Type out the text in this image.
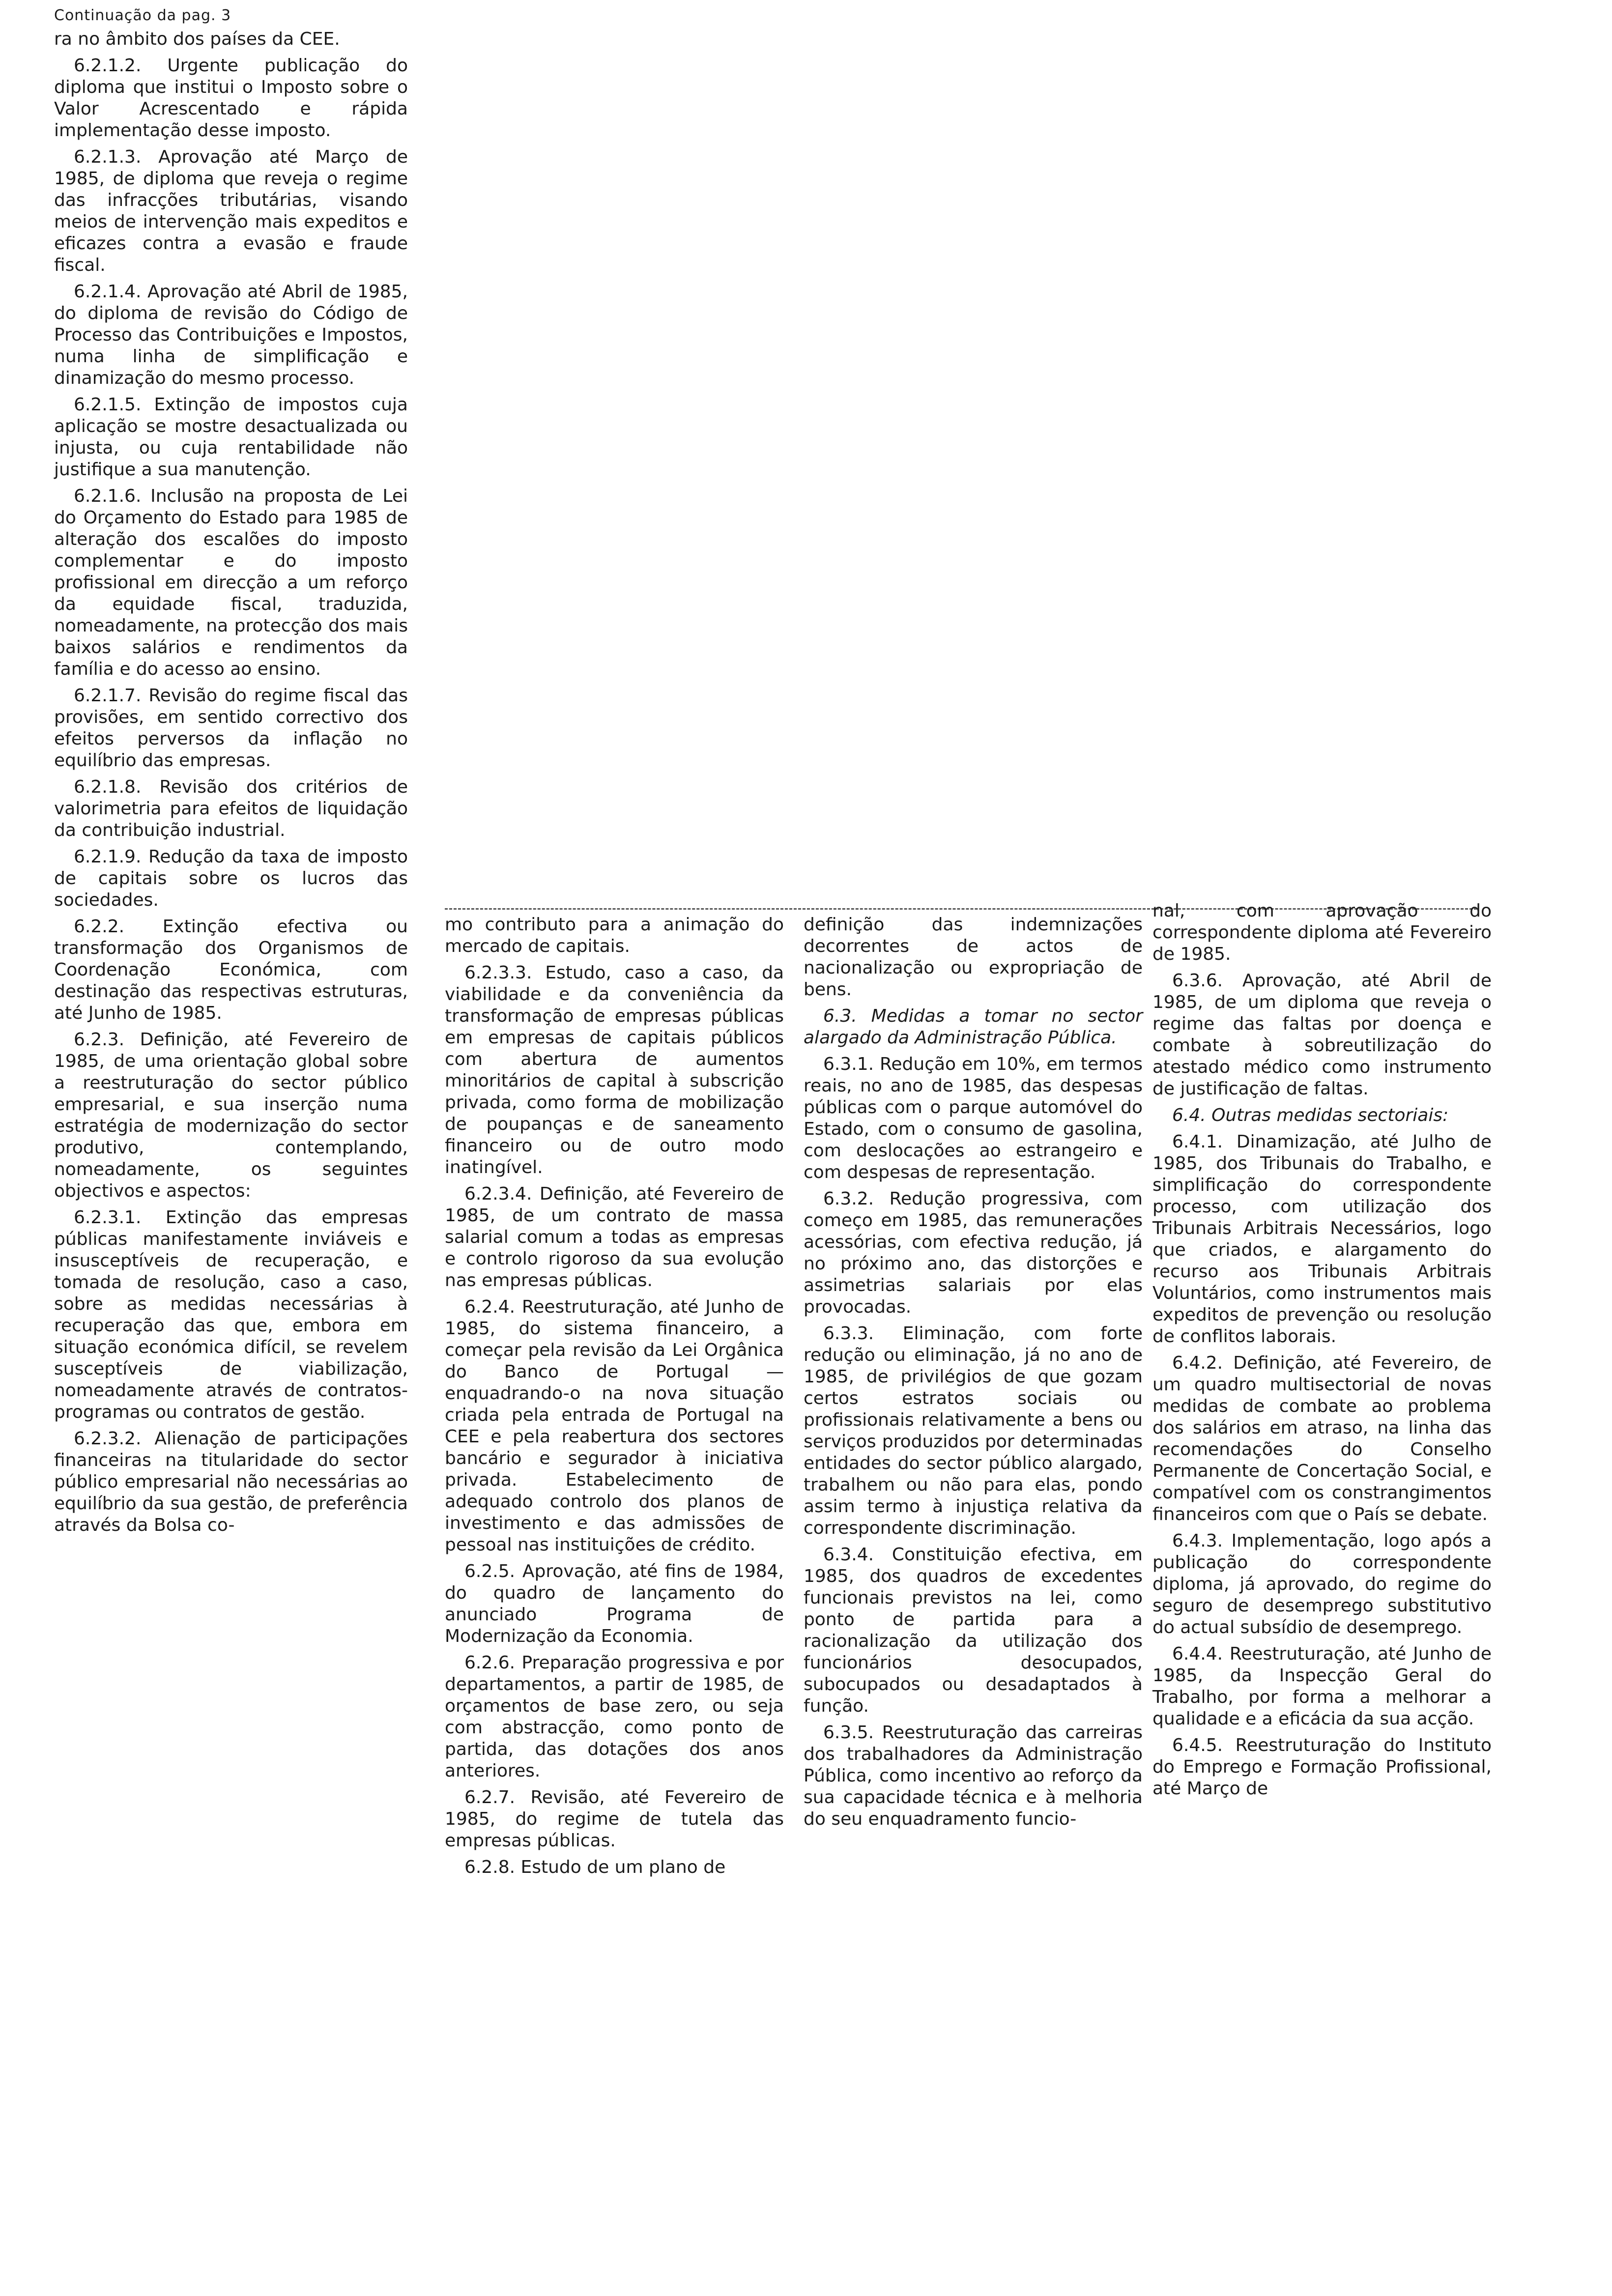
Continuação da pag. 3

ra no âmbito dos países da CEE.

6.2.1.2. Urgente publicação do diploma que institui o Imposto sobre o Valor Acrescentado e rápida implementação desse imposto.

6.2.1.3. Aprovação até Março de 1985, de diploma que reveja o regime das infracções tributárias, visando meios de intervenção mais expeditos e eficazes contra a evasão e fraude fiscal.

6.2.1.4. Aprovação até Abril de 1985, do diploma de revisão do Código de Processo das Contribuições e Impostos, numa linha de simplificação e dinamização do mesmo processo.

6.2.1.5. Extinção de impostos cuja aplicação se mostre desactualizada ou injusta, ou cuja rentabilidade não justifique a sua manutenção.

6.2.1.6. Inclusão na proposta de Lei do Orçamento do Estado para 1985 de alteração dos escalões do imposto complementar e do imposto profissional em direcção a um reforço da equidade fiscal, traduzida, nomeadamente, na protecção dos mais baixos salários e rendimentos da família e do acesso ao ensino.

6.2.1.7. Revisão do regime fiscal das provisões, em sentido correctivo dos efeitos perversos da inflação no equilíbrio das empresas.

6.2.1.8. Revisão dos critérios de valorimetria para efeitos de liquidação da contribuição industrial.

6.2.1.9. Redução da taxa de imposto de capitais sobre os lucros das sociedades.

6.2.2. Extinção efectiva ou transformação dos Organismos de Coordenação Económica, com destinação das respectivas estruturas, até Junho de 1985.

6.2.3. Definição, até Fevereiro de 1985, de uma orientação global sobre a reestruturação do sector público empresarial, e sua inserção numa estratégia de modernização do sector produtivo, contemplando, nomeadamente, os seguintes objectivos e aspectos:

6.2.3.1. Extinção das empresas públicas manifestamente inviáveis e insusceptíveis de recuperação, e tomada de resolução, caso a caso, sobre as medidas necessárias à recuperação das que, embora em situação económica difícil, se revelem susceptíveis de viabilização, nomeadamente através de contratos-programas ou contratos de gestão.

6.2.3.2. Alienação de participações financeiras na titularidade do sector público empresarial não necessárias ao equilíbrio da sua gestão, de preferência através da Bolsa co-

mo contributo para a animação do mercado de capitais.

6.2.3.3. Estudo, caso a caso, da viabilidade e da conveniência da transformação de empresas públicas em empresas de capitais públicos com abertura de aumentos minoritários de capital à subscrição privada, como forma de mobilização de poupanças e de saneamento financeiro ou de outro modo inatingível.

6.2.3.4. Definição, até Fevereiro de 1985, de um contrato de massa salarial comum a todas as empresas e controlo rigoroso da sua evolução nas empresas públicas.

6.2.4. Reestruturação, até Junho de 1985, do sistema financeiro, a começar pela revisão da Lei Orgânica do Banco de Portugal — enquadrando-o na nova situação criada pela entrada de Portugal na CEE e pela reabertura dos sectores bancário e segurador à iniciativa privada. Estabelecimento de adequado controlo dos planos de investimento e das admissões de pessoal nas instituições de crédito.

6.2.5. Aprovação, até fins de 1984, do quadro de lançamento do anunciado Programa de Modernização da Economia.

6.2.6. Preparação progressiva e por departamentos, a partir de 1985, de orçamentos de base zero, ou seja com abstracção, como ponto de partida, das dotações dos anos anteriores.

6.2.7. Revisão, até Fevereiro de 1985, do regime de tutela das empresas públicas.

6.2.8. Estudo de um plano de

definição das indemnizações decorrentes de actos de nacionalização ou expropriação de bens.

6.3. Medidas a tomar no sector alargado da Administração Pública.

6.3.1. Redução em 10%, em termos reais, no ano de 1985, das despesas públicas com o parque automóvel do Estado, com o consumo de gasolina, com deslocações ao estrangeiro e com despesas de representação.

6.3.2. Redução progressiva, com começo em 1985, das remunerações acessórias, com efectiva redução, já no próximo ano, das distorções e assimetrias salariais por elas provocadas.

6.3.3. Eliminação, com forte redução ou eliminação, já no ano de 1985, de privilégios de que gozam certos estratos sociais ou profissionais relativamente a bens ou serviços produzidos por determinadas entidades do sector público alargado, trabalhem ou não para elas, pondo assim termo à injustiça relativa da correspondente discriminação.

6.3.4. Constituição efectiva, em 1985, dos quadros de excedentes funcionais previstos na lei, como ponto de partida para a racionalização da utilização dos funcionários desocupados, subocupados ou desadaptados à função.

6.3.5. Reestruturação das carreiras dos trabalhadores da Administração Pública, como incentivo ao reforço da sua capacidade técnica e à melhoria do seu enquadramento funcio-

nal, com aprovação do correspondente diploma até Fevereiro de 1985.

6.3.6. Aprovação, até Abril de 1985, de um diploma que reveja o regime das faltas por doença e combate à sobreutilização do atestado médico como instrumento de justificação de faltas.

6.4. Outras medidas sectoriais:

6.4.1. Dinamização, até Julho de 1985, dos Tribunais do Trabalho, e simplificação do correspondente processo, com utilização dos Tribunais Arbitrais Necessários, logo que criados, e alargamento do recurso aos Tribunais Arbitrais Voluntários, como instrumentos mais expeditos de prevenção ou resolução de conflitos laborais.

6.4.2. Definição, até Fevereiro, de um quadro multisectorial de novas medidas de combate ao problema dos salários em atraso, na linha das recomendações do Conselho Permanente de Concertação Social, e compatível com os constrangimentos financeiros com que o País se debate.

6.4.3. Implementação, logo após a publicação do correspondente diploma, já aprovado, do regime do seguro de desemprego substitutivo do actual subsídio de desemprego.

6.4.4. Reestruturação, até Junho de 1985, da Inspecção Geral do Trabalho, por forma a melhorar a qualidade e a eficácia da sua acção.

6.4.5. Reestruturação do Instituto do Emprego e Formação Profissional, até Março de
